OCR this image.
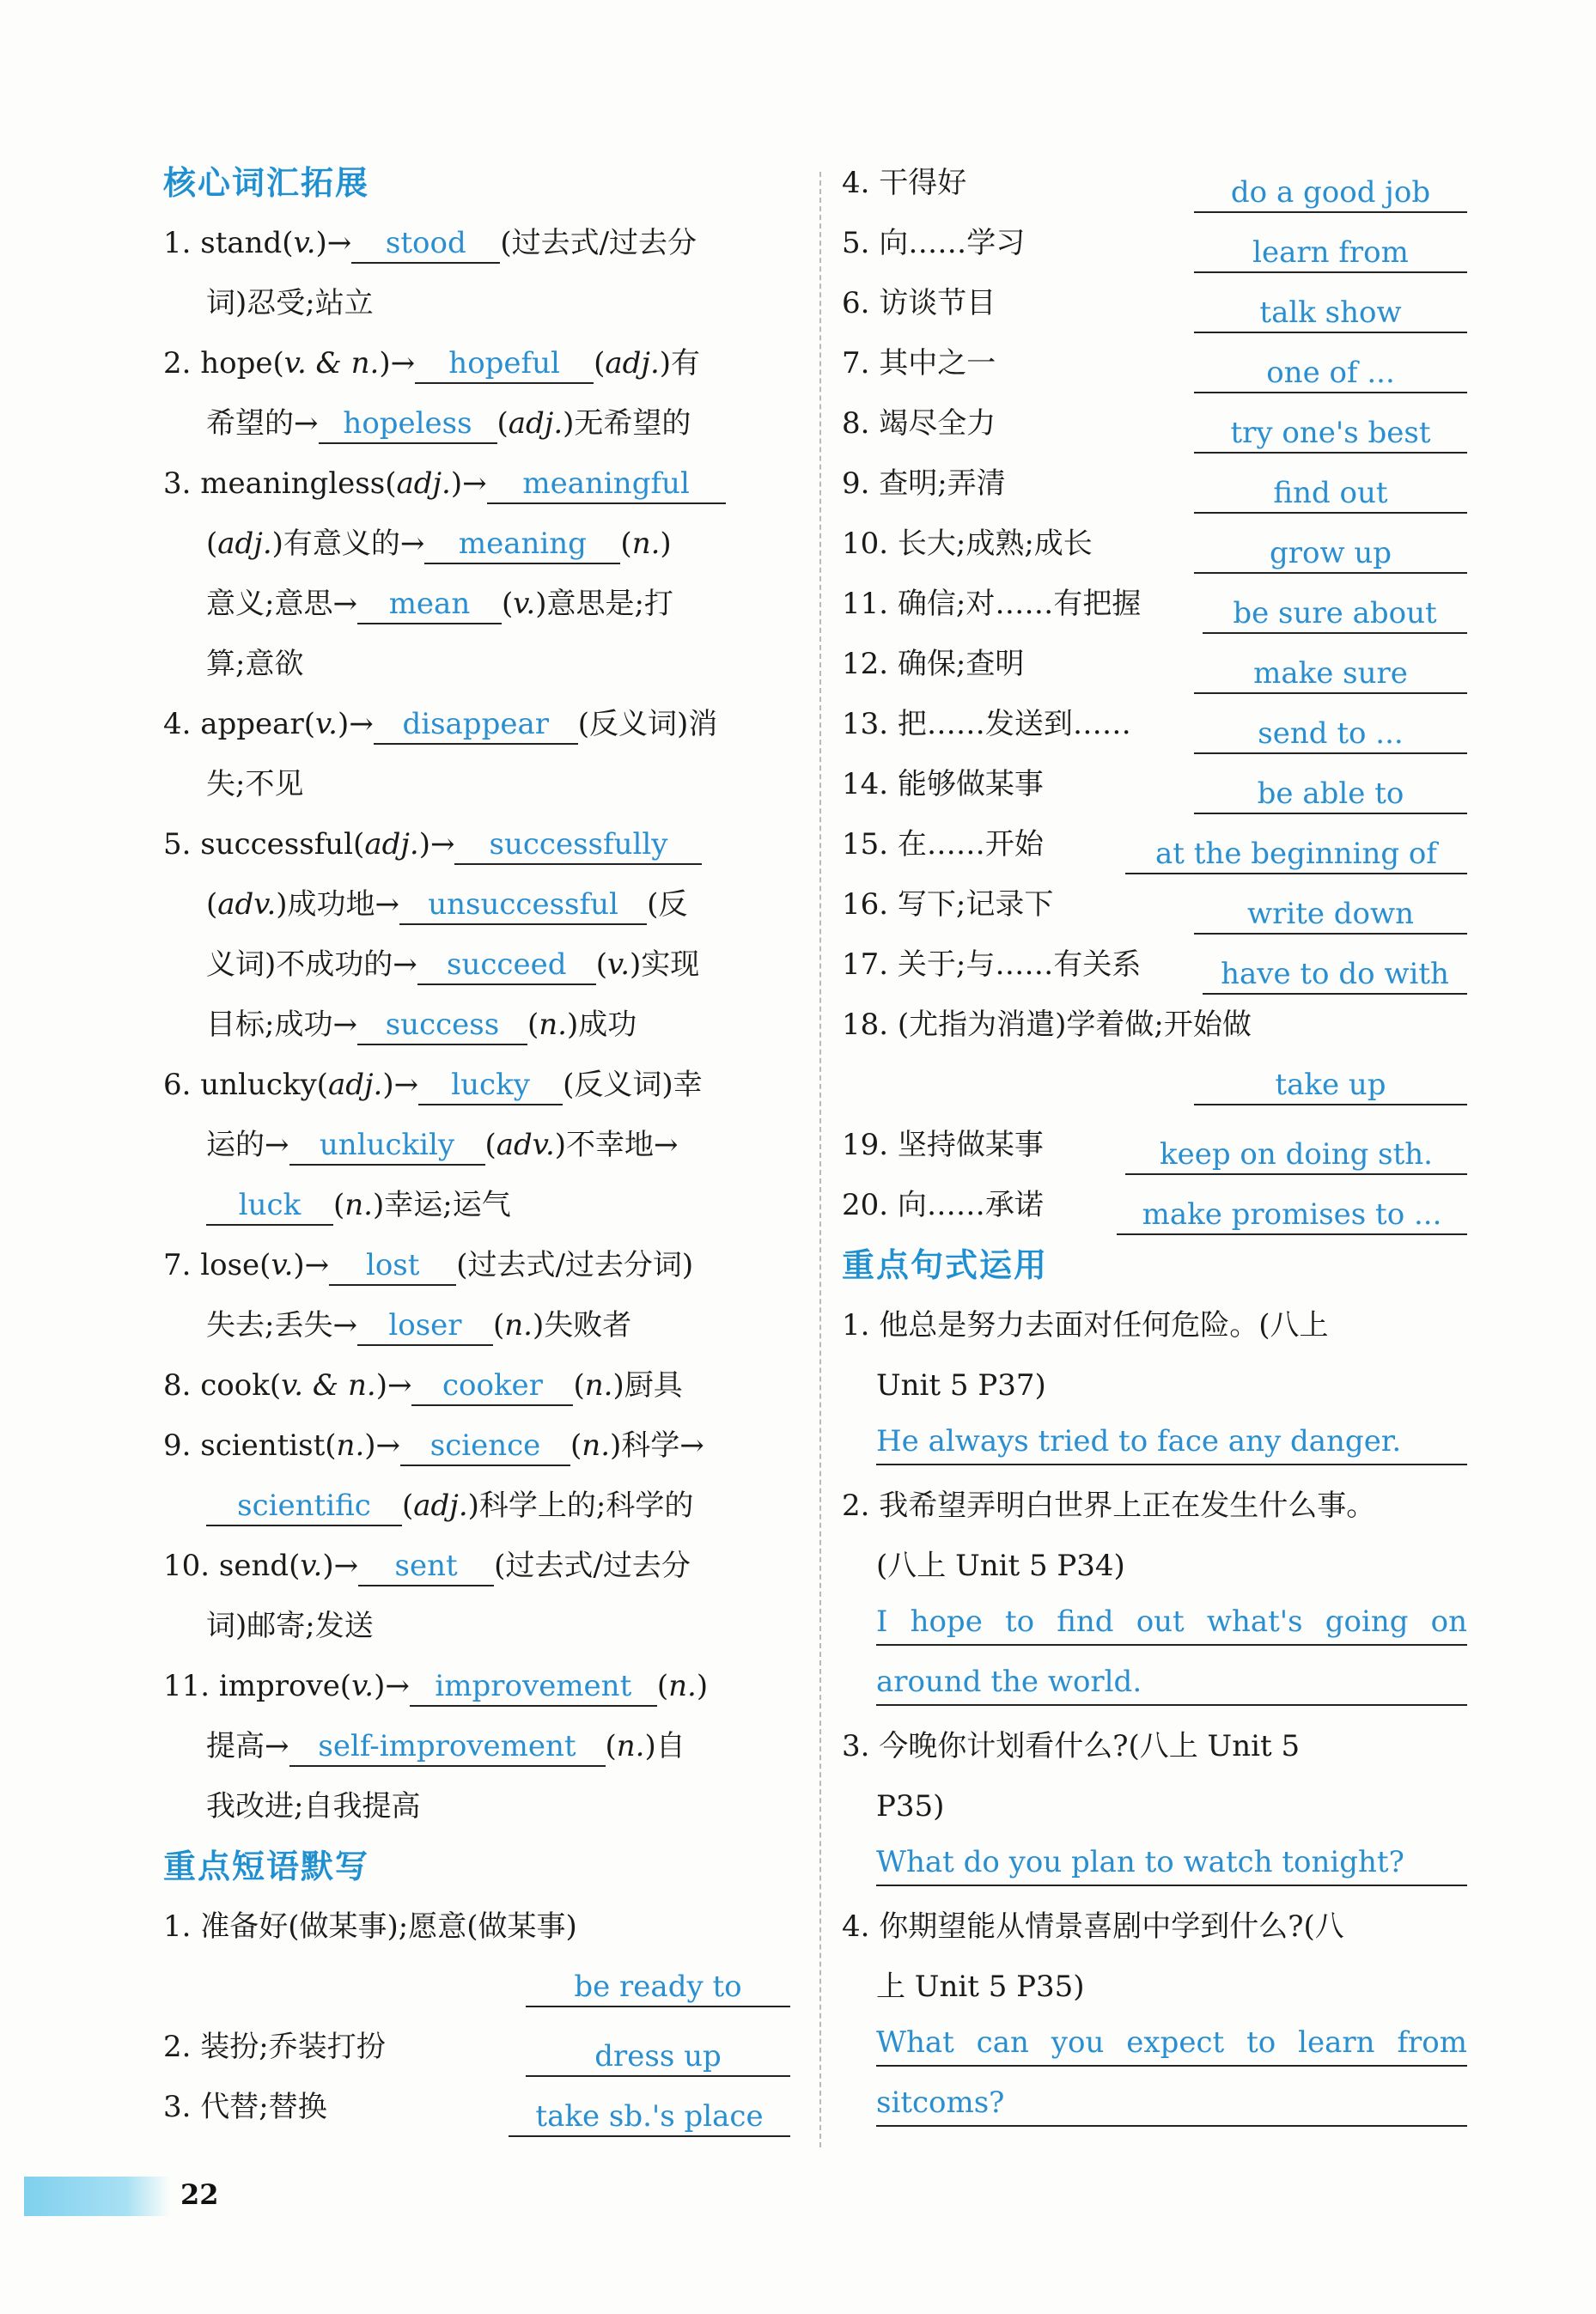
核心词汇拓展
1. stand(v.)→ stood (过去式/过去分
词)忍受;站立
2. hope(v. & n.)→ hopeful (adj.)有
希望的→ hopeless (adj.)无希望的
3. meaningless(adj.)→ meaningful
(adj.)有意义的→ meaning (n.)
意义;意思→ mean (v.)意思是;打
算;意欲
4. appear(v.)→ disappear (反义词)消
失;不见
5. successful(adj.)→ successfully
(adv.)成功地→ unsuccessful (反
义词)不成功的→ succeed (v.)实现
目标;成功→ success (n.)成功
6. unlucky(adj.)→ lucky (反义词)幸
运的→ unluckily (adv.)不幸地→
luck (n.)幸运;运气
7. lose(v.)→ lost (过去式/过去分词)
失去;丢失→ loser (n.)失败者
8. cook(v. & n.)→ cooker (n.)厨具
9. scientist(n.)→ science (n.)科学→
scientific (adj.)科学上的;科学的
10. send(v.)→ sent (过去式/过去分
词)邮寄;发送
11. improve(v.)→ improvement (n.)
提高→ self-improvement (n.)自
我改进;自我提高
重点短语默写
1. 准备好(做某事);愿意(做某事)
be ready to
2. 装扮;乔装打扮	dress up
3. 代替;替换	take sb.'s place
4. 干得好	do a good job
5. 向……学习	learn from
6. 访谈节目	talk show
7. 其中之一	one of ...
8. 竭尽全力	try one's best
9. 查明;弄清	find out
10. 长大;成熟;成长	grow up
11. 确信;对……有把握	be sure about
12. 确保;查明	make sure
13. 把……发送到……	send to ...
14. 能够做某事	be able to
15. 在……开始	at the beginning of
16. 写下;记录下	write down
17. 关于;与……有关系	have to do with
18. (尤指为消遣)学着做;开始做
take up
19. 坚持做某事	keep on doing sth.
20. 向……承诺	make promises to ...
重点句式运用
1. 他总是努力去面对任何危险。(八上
Unit 5 P37)
He always tried to face any danger.
2. 我希望弄明白世界上正在发生什么事。
(八上 Unit 5 P34)
I hope to find out what's going on
around the world.
3. 今晚你计划看什么?(八上 Unit 5
P35)
What do you plan to watch tonight?
4. 你期望能从情景喜剧中学到什么?(八
上 Unit 5 P35)
What can you expect to learn from
sitcoms?
22
